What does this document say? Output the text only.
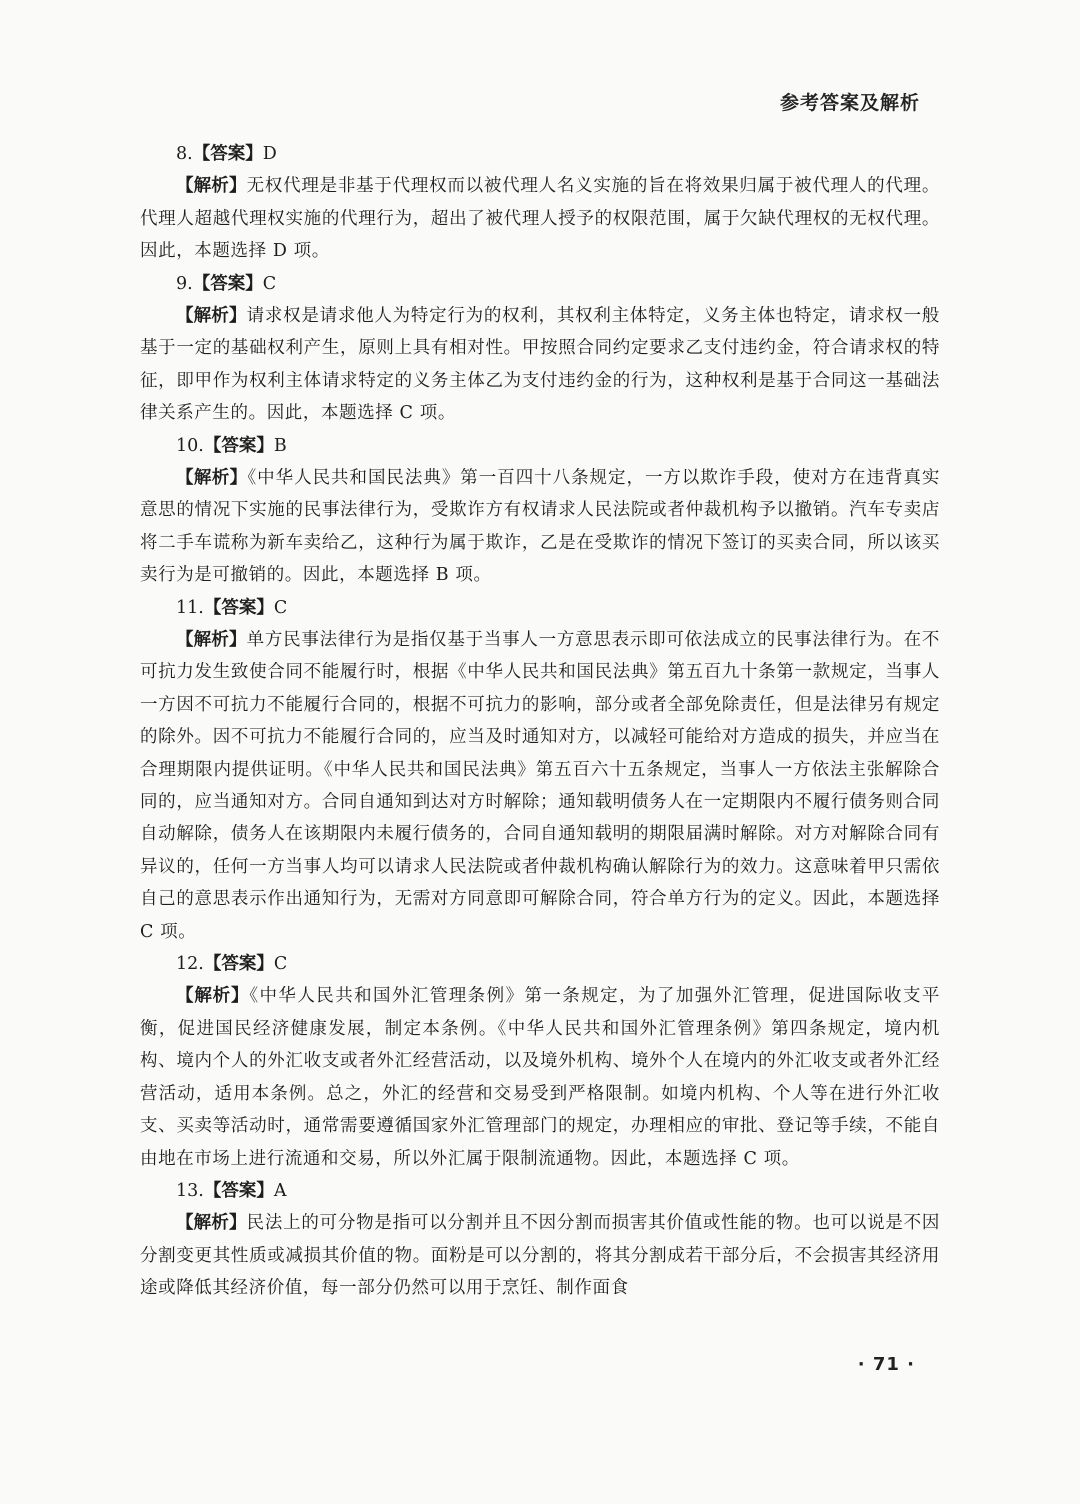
参考答案及解析
8.【答案】D

【解析】无权代理是非基于代理权而以被代理人名义实施的旨在将效果归属于被代理人的代理。代理人超越代理权实施的代理行为，超出了被代理人授予的权限范围，属于欠缺代理权的无权代理。因此，本题选择 D 项。

9.【答案】C

【解析】请求权是请求他人为特定行为的权利，其权利主体特定，义务主体也特定，请求权一般基于一定的基础权利产生，原则上具有相对性。甲按照合同约定要求乙支付违约金，符合请求权的特征，即甲作为权利主体请求特定的义务主体乙为支付违约金的行为，这种权利是基于合同这一基础法律关系产生的。因此，本题选择 C 项。

10.【答案】B

【解析】《中华人民共和国民法典》第一百四十八条规定，一方以欺诈手段，使对方在违背真实意思的情况下实施的民事法律行为，受欺诈方有权请求人民法院或者仲裁机构予以撤销。汽车专卖店将二手车谎称为新车卖给乙，这种行为属于欺诈，乙是在受欺诈的情况下签订的买卖合同，所以该买卖行为是可撤销的。因此，本题选择 B 项。

11.【答案】C

【解析】单方民事法律行为是指仅基于当事人一方意思表示即可依法成立的民事法律行为。在不可抗力发生致使合同不能履行时，根据《中华人民共和国民法典》第五百九十条第一款规定，当事人一方因不可抗力不能履行合同的，根据不可抗力的影响，部分或者全部免除责任，但是法律另有规定的除外。因不可抗力不能履行合同的，应当及时通知对方，以减轻可能给对方造成的损失，并应当在合理期限内提供证明。《中华人民共和国民法典》第五百六十五条规定，当事人一方依法主张解除合同的，应当通知对方。合同自通知到达对方时解除；通知载明债务人在一定期限内不履行债务则合同自动解除，债务人在该期限内未履行债务的，合同自通知载明的期限届满时解除。对方对解除合同有异议的，任何一方当事人均可以请求人民法院或者仲裁机构确认解除行为的效力。这意味着甲只需依自己的意思表示作出通知行为，无需对方同意即可解除合同，符合单方行为的定义。因此，本题选择 C 项。

12.【答案】C

【解析】《中华人民共和国外汇管理条例》第一条规定，为了加强外汇管理，促进国际收支平衡，促进国民经济健康发展，制定本条例。《中华人民共和国外汇管理条例》第四条规定，境内机构、境内个人的外汇收支或者外汇经营活动，以及境外机构、境外个人在境内的外汇收支或者外汇经营活动，适用本条例。总之，外汇的经营和交易受到严格限制。如境内机构、个人等在进行外汇收支、买卖等活动时，通常需要遵循国家外汇管理部门的规定，办理相应的审批、登记等手续，不能自由地在市场上进行流通和交易，所以外汇属于限制流通物。因此，本题选择 C 项。

13.【答案】A

【解析】民法上的可分物是指可以分割并且不因分割而损害其价值或性能的物。也可以说是不因分割变更其性质或减损其价值的物。面粉是可以分割的，将其分割成若干部分后，不会损害其经济用途或降低其经济价值，每一部分仍然可以用于烹饪、制作面食

· 71 ·
